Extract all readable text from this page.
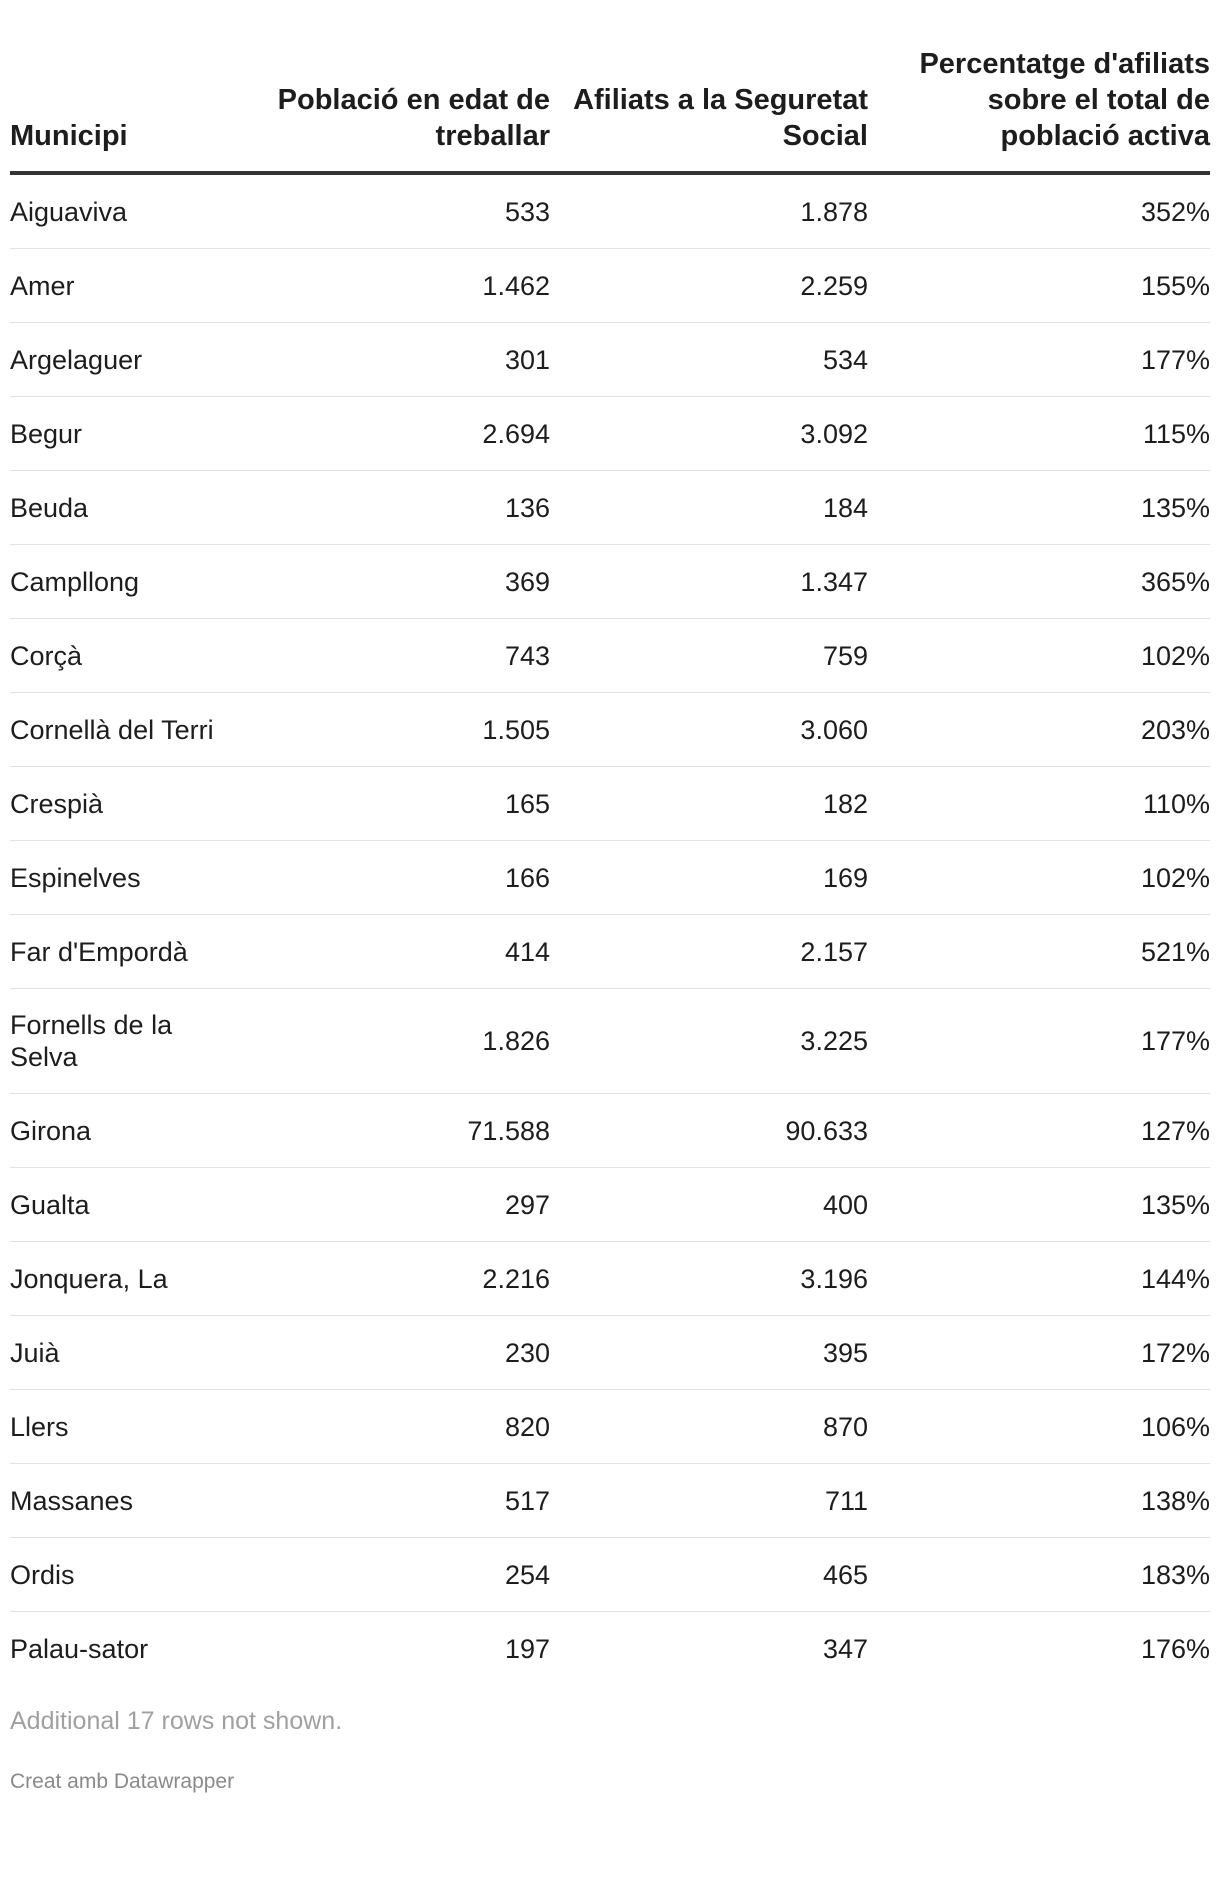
Municipi	Població en edat de treballar	Afiliats a la Seguretat Social	Percentatge d'afiliats sobre el total de població activa
Aiguaviva	533	1.878	352%
Amer	1.462	2.259	155%
Argelaguer	301	534	177%
Begur	2.694	3.092	115%
Beuda	136	184	135%
Campllong	369	1.347	365%
Corçà	743	759	102%
Cornellà del Terri	1.505	3.060	203%
Crespià	165	182	110%
Espinelves	166	169	102%
Far d'Empordà	414	2.157	521%
Fornells de la Selva	1.826	3.225	177%
Girona	71.588	90.633	127%
Gualta	297	400	135%
Jonquera, La	2.216	3.196	144%
Juià	230	395	172%
Llers	820	870	106%
Massanes	517	711	138%
Ordis	254	465	183%
Palau-sator	197	347	176%
Additional 17 rows not shown.
Creat amb Datawrapper
